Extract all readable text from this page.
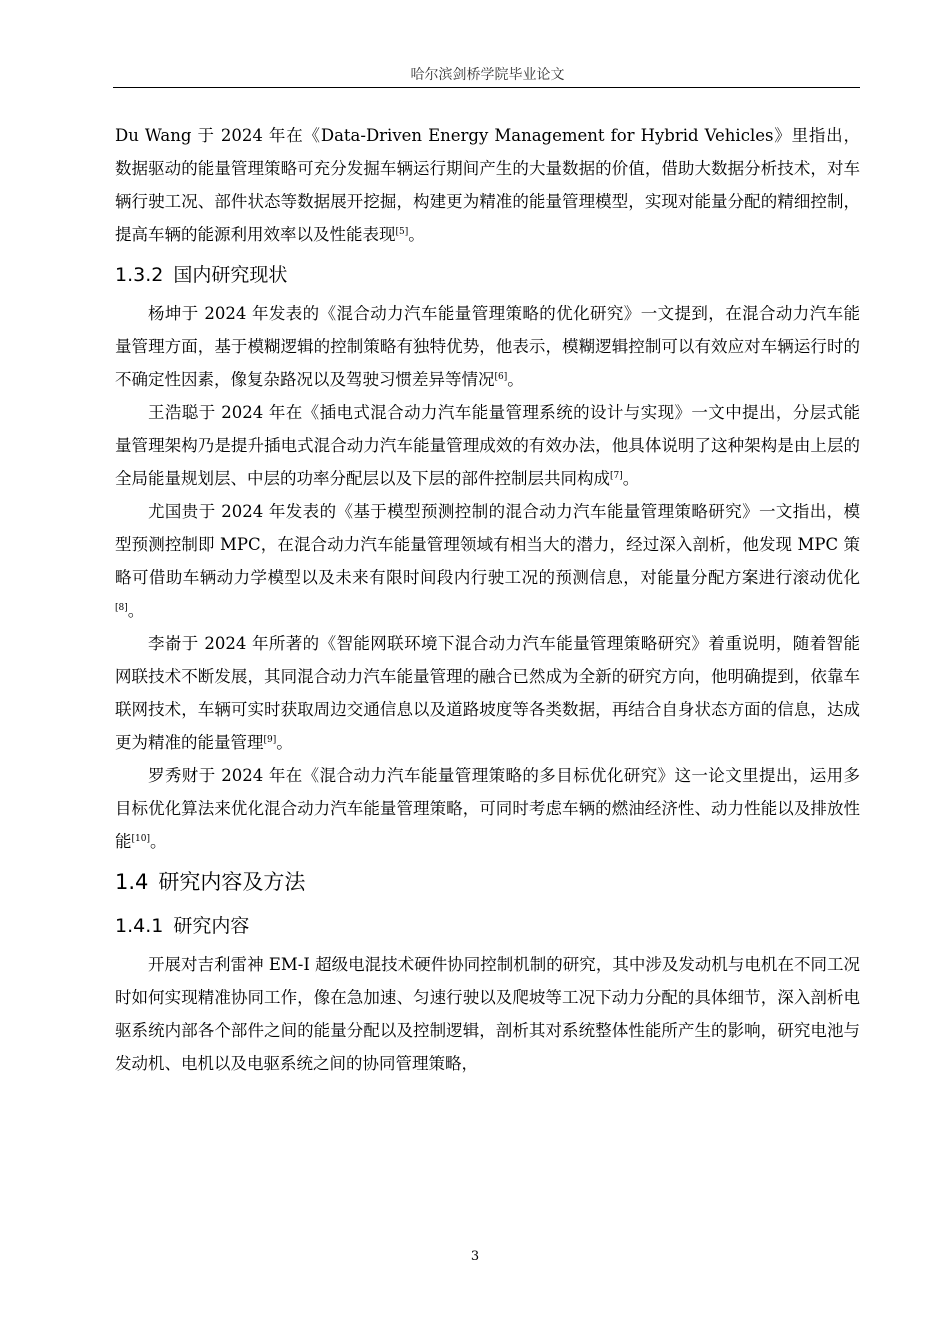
哈尔滨剑桥学院毕业论文

Du Wang 于 2024 年在《Data-Driven Energy Management for Hybrid Vehicles》里指出，数据驱动的能量管理策略可充分发掘车辆运行期间产生的大量数据的价值，借助大数据分析技术，对车辆行驶工况、部件状态等数据展开挖掘，构建更为精准的能量管理模型，实现对能量分配的精细控制，提高车辆的能源利用效率以及性能表现[5]。

1.3.2 国内研究现状

杨坤于 2024 年发表的《混合动力汽车能量管理策略的优化研究》一文提到，在混合动力汽车能量管理方面，基于模糊逻辑的控制策略有独特优势，他表示，模糊逻辑控制可以有效应对车辆运行时的不确定性因素，像复杂路况以及驾驶习惯差异等情况[6]。

王浩聪于 2024 年在《插电式混合动力汽车能量管理系统的设计与实现》一文中提出，分层式能量管理架构乃是提升插电式混合动力汽车能量管理成效的有效办法，他具体说明了这种架构是由上层的全局能量规划层、中层的功率分配层以及下层的部件控制层共同构成[7]。

尤国贵于 2024 年发表的《基于模型预测控制的混合动力汽车能量管理策略研究》一文指出，模型预测控制即 MPC，在混合动力汽车能量管理领域有相当大的潜力，经过深入剖析，他发现 MPC 策略可借助车辆动力学模型以及未来有限时间段内行驶工况的预测信息，对能量分配方案进行滚动优化[8]。

李嵛于 2024 年所著的《智能网联环境下混合动力汽车能量管理策略研究》着重说明，随着智能网联技术不断发展，其同混合动力汽车能量管理的融合已然成为全新的研究方向，他明确提到，依靠车联网技术，车辆可实时获取周边交通信息以及道路坡度等各类数据，再结合自身状态方面的信息，达成更为精准的能量管理[9]。

罗秀财于 2024 年在《混合动力汽车能量管理策略的多目标优化研究》这一论文里提出，运用多目标优化算法来优化混合动力汽车能量管理策略，可同时考虑车辆的燃油经济性、动力性能以及排放性能[10]。

1.4 研究内容及方法
1.4.1 研究内容

开展对吉利雷神 EM-I 超级电混技术硬件协同控制机制的研究，其中涉及发动机与电机在不同工况时如何实现精准协同工作，像在急加速、匀速行驶以及爬坡等工况下动力分配的具体细节，深入剖析电驱系统内部各个部件之间的能量分配以及控制逻辑，剖析其对系统整体性能所产生的影响，研究电池与发动机、电机以及电驱系统之间的协同管理策略，

3
